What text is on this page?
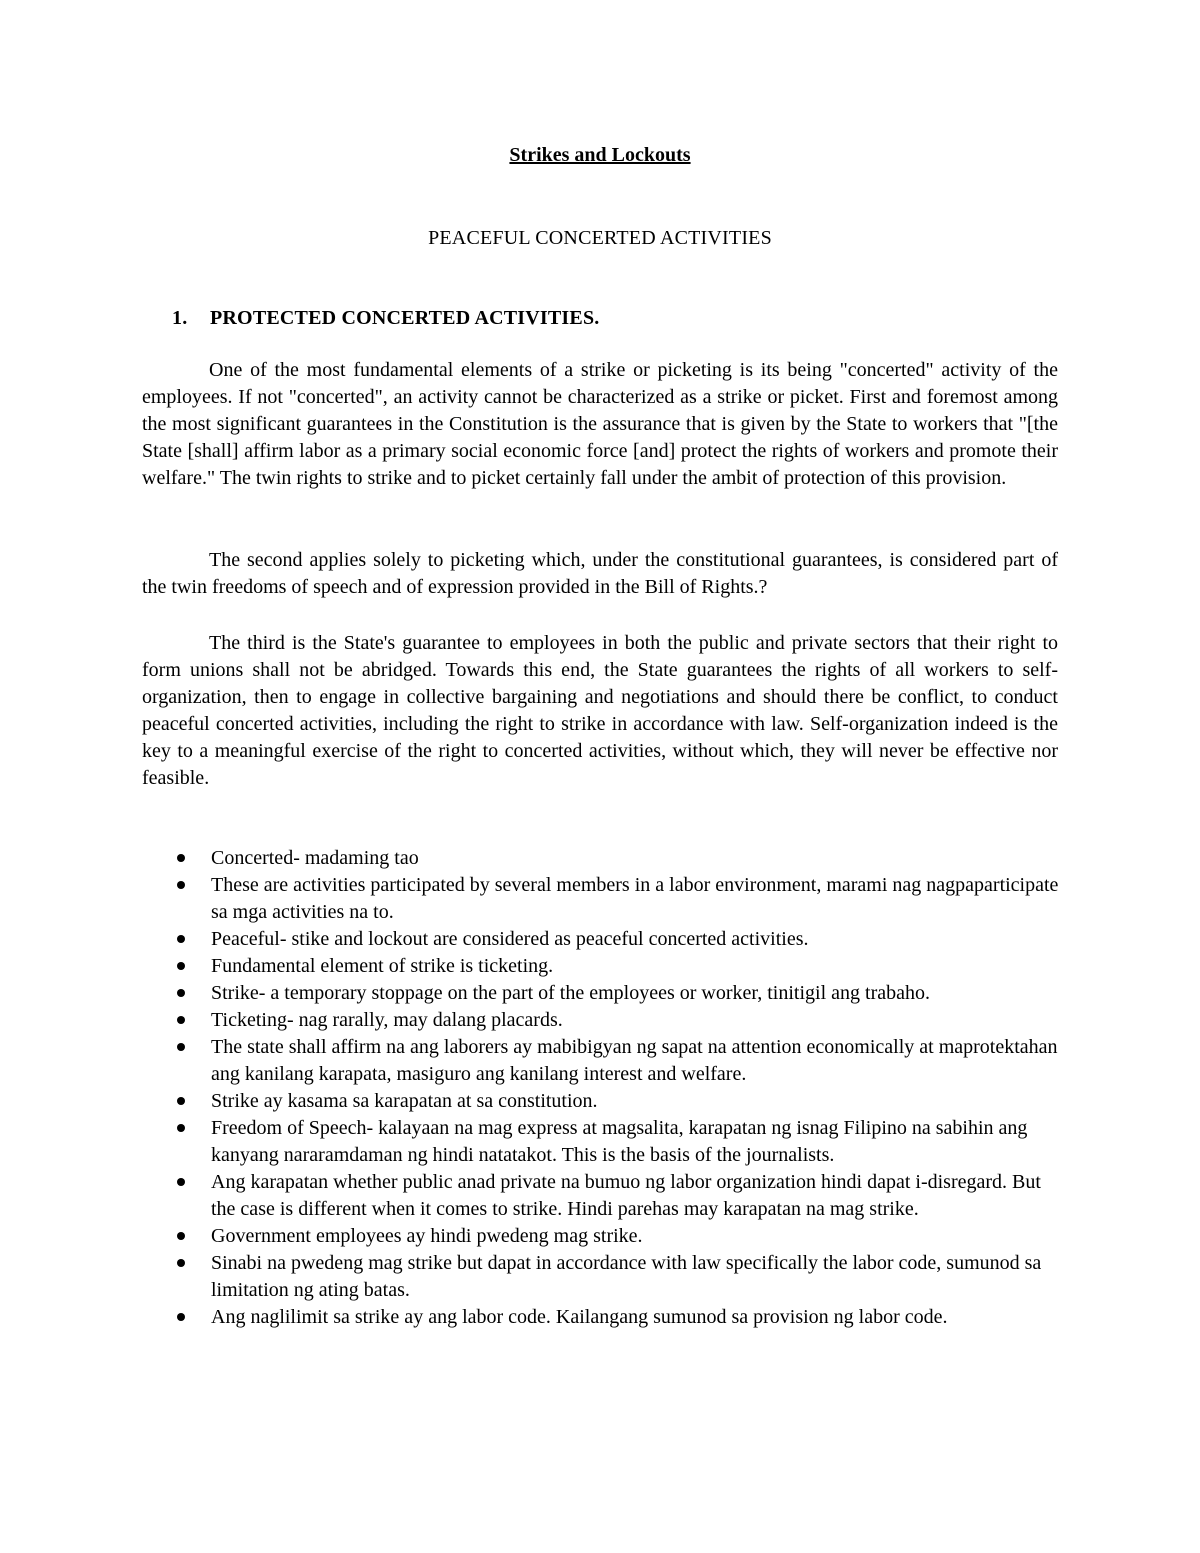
Strikes and Lockouts
PEACEFUL CONCERTED ACTIVITIES
1. PROTECTED CONCERTED ACTIVITIES.

One of the most fundamental elements of a strike or picketing is its being "concerted" activity of the employees. If not "concerted", an activity cannot be characterized as a strike or picket. First and foremost among the most significant guarantees in the Constitution is the assurance that is given by the State to workers that "[the State [shall] affirm labor as a primary social economic force [and] protect the rights of workers and promote their welfare." The twin rights to strike and to picket certainly fall under the ambit of protection of this provision.

The second applies solely to picketing which, under the constitutional guarantees, is considered part of the twin freedoms of speech and of expression provided in the Bill of Rights.?

The third is the State's guarantee to employees in both the public and private sectors that their right to form unions shall not be abridged. Towards this end, the State guarantees the rights of all workers to self-organization, then to engage in collective bargaining and negotiations and should there be conflict, to conduct peaceful concerted activities, including the right to strike in accordance with law. Self-organization indeed is the key to a meaningful exercise of the right to concerted activities, without which, they will never be effective nor feasible.

Concerted- madaming tao
These are activities participated by several members in a labor environment, marami nag nagpaparticipate sa mga activities na to.
Peaceful- stike and lockout are considered as peaceful concerted activities.
Fundamental element of strike is ticketing.
Strike- a temporary stoppage on the part of the employees or worker, tinitigil ang trabaho.
Ticketing- nag rarally, may dalang placards.
The state shall affirm na ang laborers ay mabibigyan ng sapat na attention economically at maprotektahan ang kanilang karapata, masiguro ang kanilang interest and welfare.
Strike ay kasama sa karapatan at sa constitution.
Freedom of Speech- kalayaan na mag express at magsalita, karapatan ng isnag Filipino na sabihin ang kanyang nararamdaman ng hindi natatakot. This is the basis of the journalists.
Ang karapatan whether public anad private na bumuo ng labor organization hindi dapat i-disregard. But the case is different when it comes to strike. Hindi parehas may karapatan na mag strike.
Government employees ay hindi pwedeng mag strike.
Sinabi na pwedeng mag strike but dapat in accordance with law specifically the labor code, sumunod sa limitation ng ating batas.
Ang naglilimit sa strike ay ang labor code. Kailangang sumunod sa provision ng labor code.
